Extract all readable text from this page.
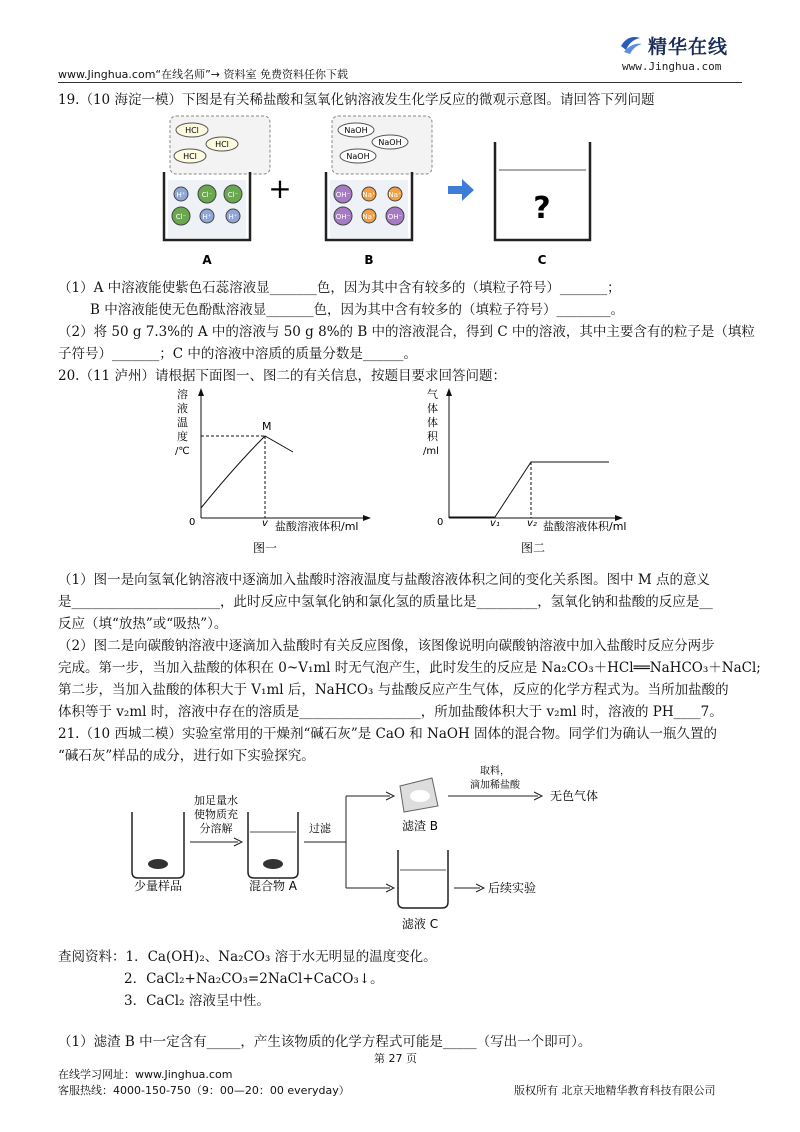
​
精华在线
www.Jinghua.com
www.Jinghua.com“在线名师”→ 资料室 免费资料任你下载
19.（10 海淀一模）下图是有关稀盐酸和氢氧化钠溶液发生化学反应的微观示意图。请回答下列问题
HCl
HCl
HCl
H⁺ Cl⁻ Cl⁻
Cl⁻ H⁺ H⁺
A
+
NaOH
NaOH
NaOH
OH⁻ Na⁺ Na⁺
OH⁻ Na⁺ OH⁻
B
?
C
（1）A 中溶液能使紫色石蕊溶液显_______色，因为其中含有较多的（填粒子符号）_______；
B 中溶液能使无色酚酞溶液显_______色，因为其中含有较多的（填粒子符号）________。
（2）将 50 g 7.3%的 A 中的溶液与 50 g 8%的 B 中的溶液混合，得到 C 中的溶液，其中主要含有的粒子是（填粒
子符号）_______；C 中的溶液中溶质的质量分数是______。
20.（11 泸州）请根据下面图一、图二的有关信息，按题目要求回答问题：
溶
液
温
度
/℃
M
0	v 盐酸溶液体积/ml
图一
气
体
体
积
/ml
0	v₁	v₂ 盐酸溶液体积/ml
图二
（1）图一是向氢氧化钠溶液中逐滴加入盐酸时溶液温度与盐酸溶液体积之间的变化关系图。图中 M 点的意义
是______________________，此时反应中氢氧化钠和氯化氢的质量比是_________，氢氧化钠和盐酸的反应是__
反应（填“放热”或“吸热”）。
（2）图二是向碳酸钠溶液中逐滴加入盐酸时有关反应图像，该图像说明向碳酸钠溶液中加入盐酸时反应分两步
完成。第一步，当加入盐酸的体积在 0~V₁ml 时无气泡产生，此时发生的反应是 Na₂CO₃＋HCl══NaHCO₃＋NaCl;
第二步，当加入盐酸的体积大于 V₁ml 后，NaHCO₃ 与盐酸反应产生气体，反应的化学方程式为。当所加盐酸的
体积等于 v₂ml 时，溶液中存在的溶质是__________________，所加盐酸体积大于 v₂ml 时，溶液的 PH____7。
21.（10 西城二模）实验室常用的干燥剂“碱石灰”是 CaO 和 NaOH 固体的混合物。同学们为确认一瓶久置的
“碱石灰”样品的成分，进行如下实验探究。
少量样品
加足量水
使物质充
分溶解
混合物 A
过滤	滤渣 B
取料，
滴加稀盐酸
无色气体
滤液 C
后续实验
查阅资料：1．Ca(OH)₂、Na₂CO₃ 溶于水无明显的温度变化。
2．CaCl₂+Na₂CO₃=2NaCl+CaCO₃↓。
3．CaCl₂ 溶液呈中性。
（1）滤渣 B 中一定含有_____，产生该物质的化学方程式可能是_____（写出一个即可）。
第 27 页
在线学习网址：www.Jinghua.com
客服热线：4000-150-750（9：00—20：00 everyday）	版权所有 北京天地精华教育科技有限公司
